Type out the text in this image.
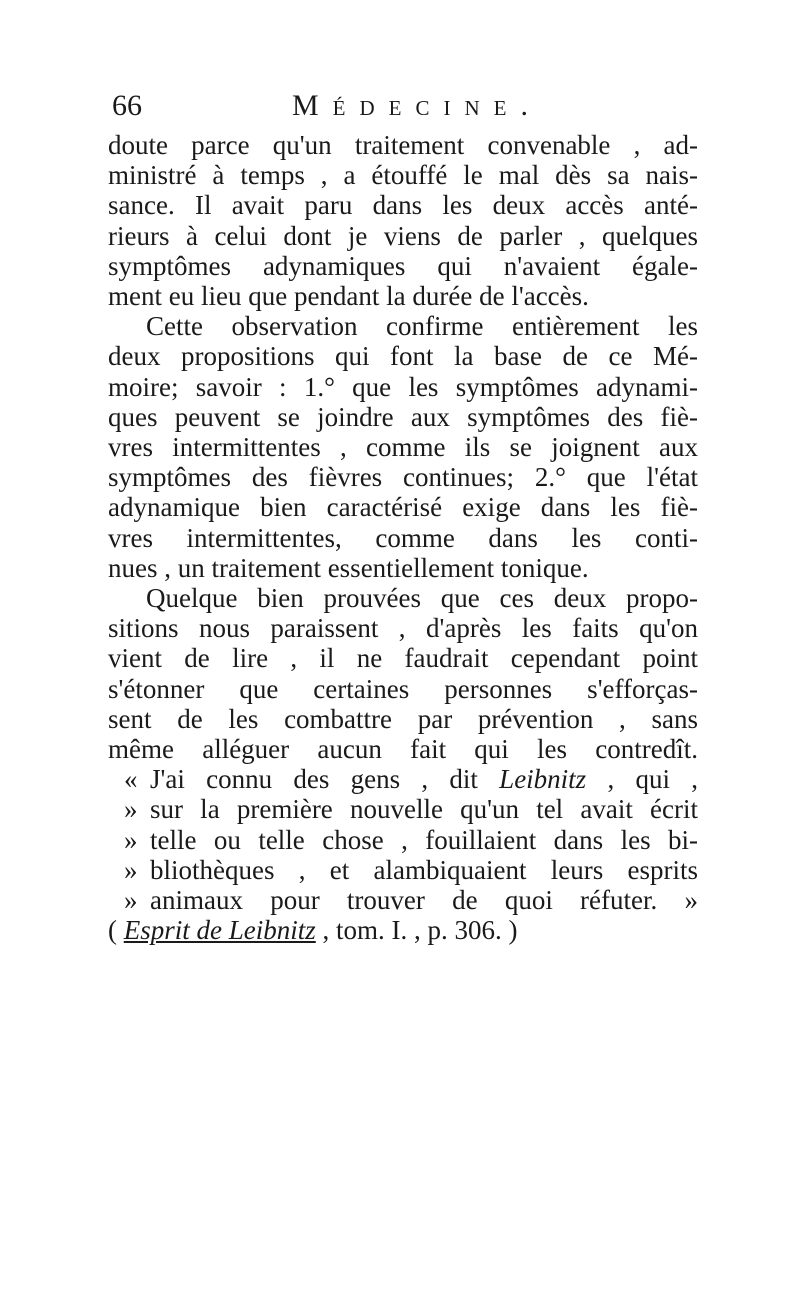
66	Médecine.
doute parce qu'un traitement convenable , ad-
ministré à temps , a étouffé le mal dès sa nais-
sance. Il avait paru dans les deux accès anté-
rieurs à celui dont je viens de parler , quelques
symptômes adynamiques qui n'avaient égale-
ment eu lieu que pendant la durée de l'accès.
Cette observation confirme entièrement les
deux propositions qui font la base de ce Mé-
moire; savoir : 1.° que les symptômes adynami-
ques peuvent se joindre aux symptômes des fiè-
vres intermittentes , comme ils se joignent aux
symptômes des fièvres continues; 2.° que l'état
adynamique bien caractérisé exige dans les fiè-
vres intermittentes, comme dans les conti-
nues , un traitement essentiellement tonique.
Quelque bien prouvées que ces deux propo-
sitions nous paraissent , d'après les faits qu'on
vient de lire , il ne faudrait cependant point
s'étonner que certaines personnes s'efforças-
sent de les combattre par prévention , sans
même alléguer aucun fait qui les contredît.
« J'ai connu des gens , dit Leibnitz , qui ,
» sur la première nouvelle qu'un tel avait écrit
» telle ou telle chose , fouillaient dans les bi-
» bliothèques , et alambiquaient leurs esprits
» animaux pour trouver de quoi réfuter. »
( Esprit de Leibnitz , tom. I. , p. 306. )
